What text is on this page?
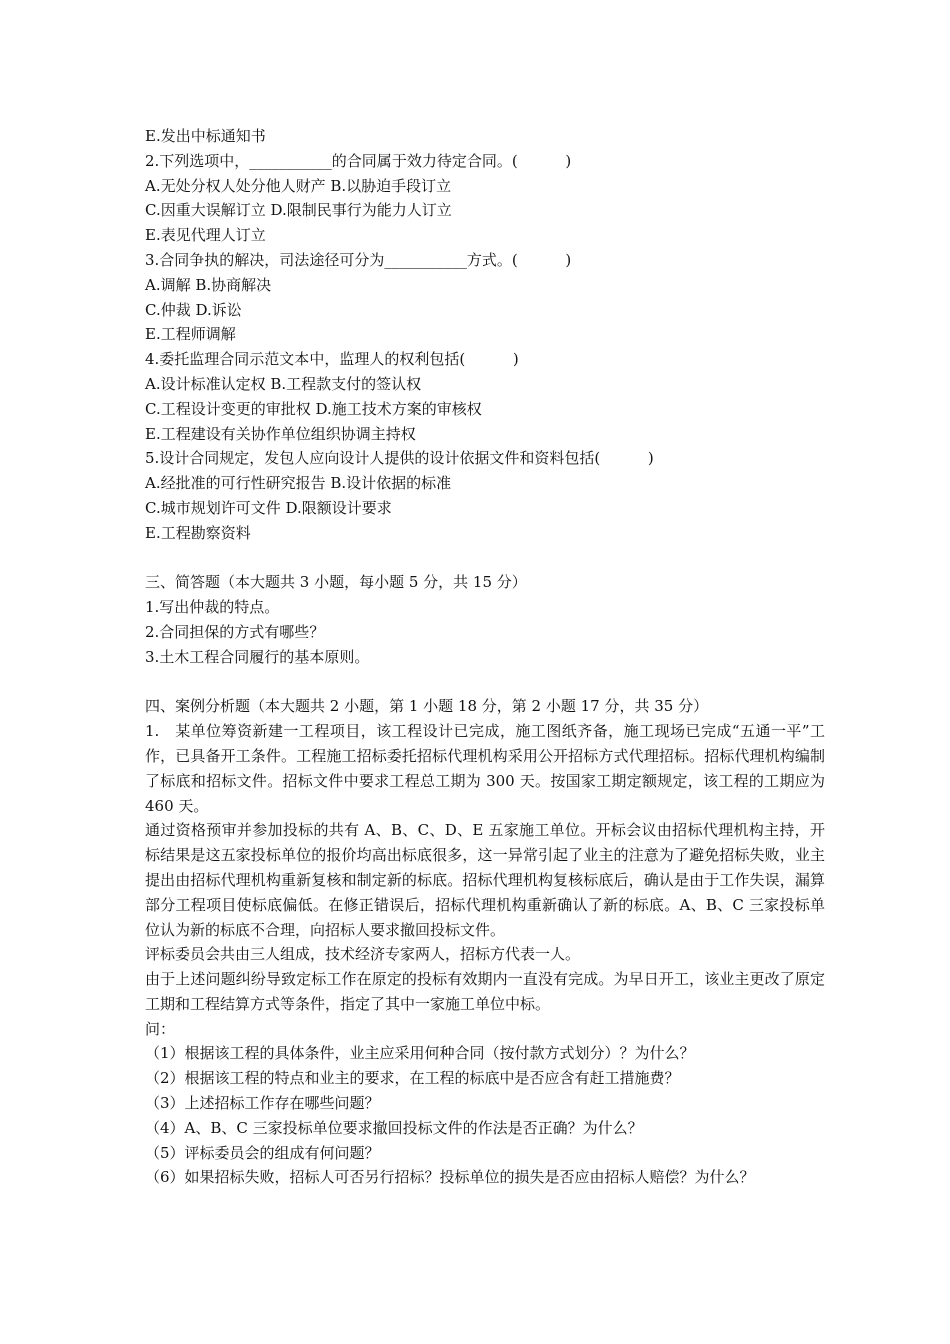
E.发出中标通知书

2.下列选项中，___________的合同属于效力待定合同。(          )

A.无处分权人处分他人财产 B.以胁迫手段订立

C.因重大误解订立 D.限制民事行为能力人订立

E.表见代理人订立

3.合同争执的解决，司法途径可分为___________方式。(          )

A.调解 B.协商解决

C.仲裁 D.诉讼

E.工程师调解

4.委托监理合同示范文本中，监理人的权利包括(          )

A.设计标准认定权 B.工程款支付的签认权

C.工程设计变更的审批权 D.施工技术方案的审核权

E.工程建设有关协作单位组织协调主持权

5.设计合同规定，发包人应向设计人提供的设计依据文件和资料包括(          )

A.经批准的可行性研究报告 B.设计依据的标准

C.城市规划许可文件 D.限额设计要求

E.工程勘察资料

三、简答题（本大题共 3 小题，每小题 5 分，共 15 分）

1.写出仲裁的特点。

2.合同担保的方式有哪些？

3.土木工程合同履行的基本原则。

四、案例分析题（本大题共 2 小题，第 1 小题 18 分，第 2 小题 17 分，共 35 分）

1.　某单位筹资新建一工程项目，该工程设计已完成，施工图纸齐备，施工现场已完成“五通一平”工作，已具备开工条件。工程施工招标委托招标代理机构采用公开招标方式代理招标。招标代理机构编制了标底和招标文件。招标文件中要求工程总工期为 300 天。按国家工期定额规定，该工程的工期应为 460 天。

通过资格预审并参加投标的共有 A、B、C、D、E 五家施工单位。开标会议由招标代理机构主持，开标结果是这五家投标单位的报价均高出标底很多，这一异常引起了业主的注意为了避免招标失败，业主提出由招标代理机构重新复核和制定新的标底。招标代理机构复核标底后，确认是由于工作失误，漏算部分工程项目使标底偏低。在修正错误后，招标代理机构重新确认了新的标底。A、B、C 三家投标单位认为新的标底不合理，向招标人要求撤回投标文件。

评标委员会共由三人组成，技术经济专家两人，招标方代表一人。

由于上述问题纠纷导致定标工作在原定的投标有效期内一直没有完成。为早日开工，该业主更改了原定工期和工程结算方式等条件，指定了其中一家施工单位中标。

问：

（1）根据该工程的具体条件，业主应采用何种合同（按付款方式划分）？为什么？

（2）根据该工程的特点和业主的要求，在工程的标底中是否应含有赶工措施费？

（3）上述招标工作存在哪些问题？

（4）A、B、C 三家投标单位要求撤回投标文件的作法是否正确？为什么？

（5）评标委员会的组成有何问题？

（6）如果招标失败，招标人可否另行招标？投标单位的损失是否应由招标人赔偿？为什么？
